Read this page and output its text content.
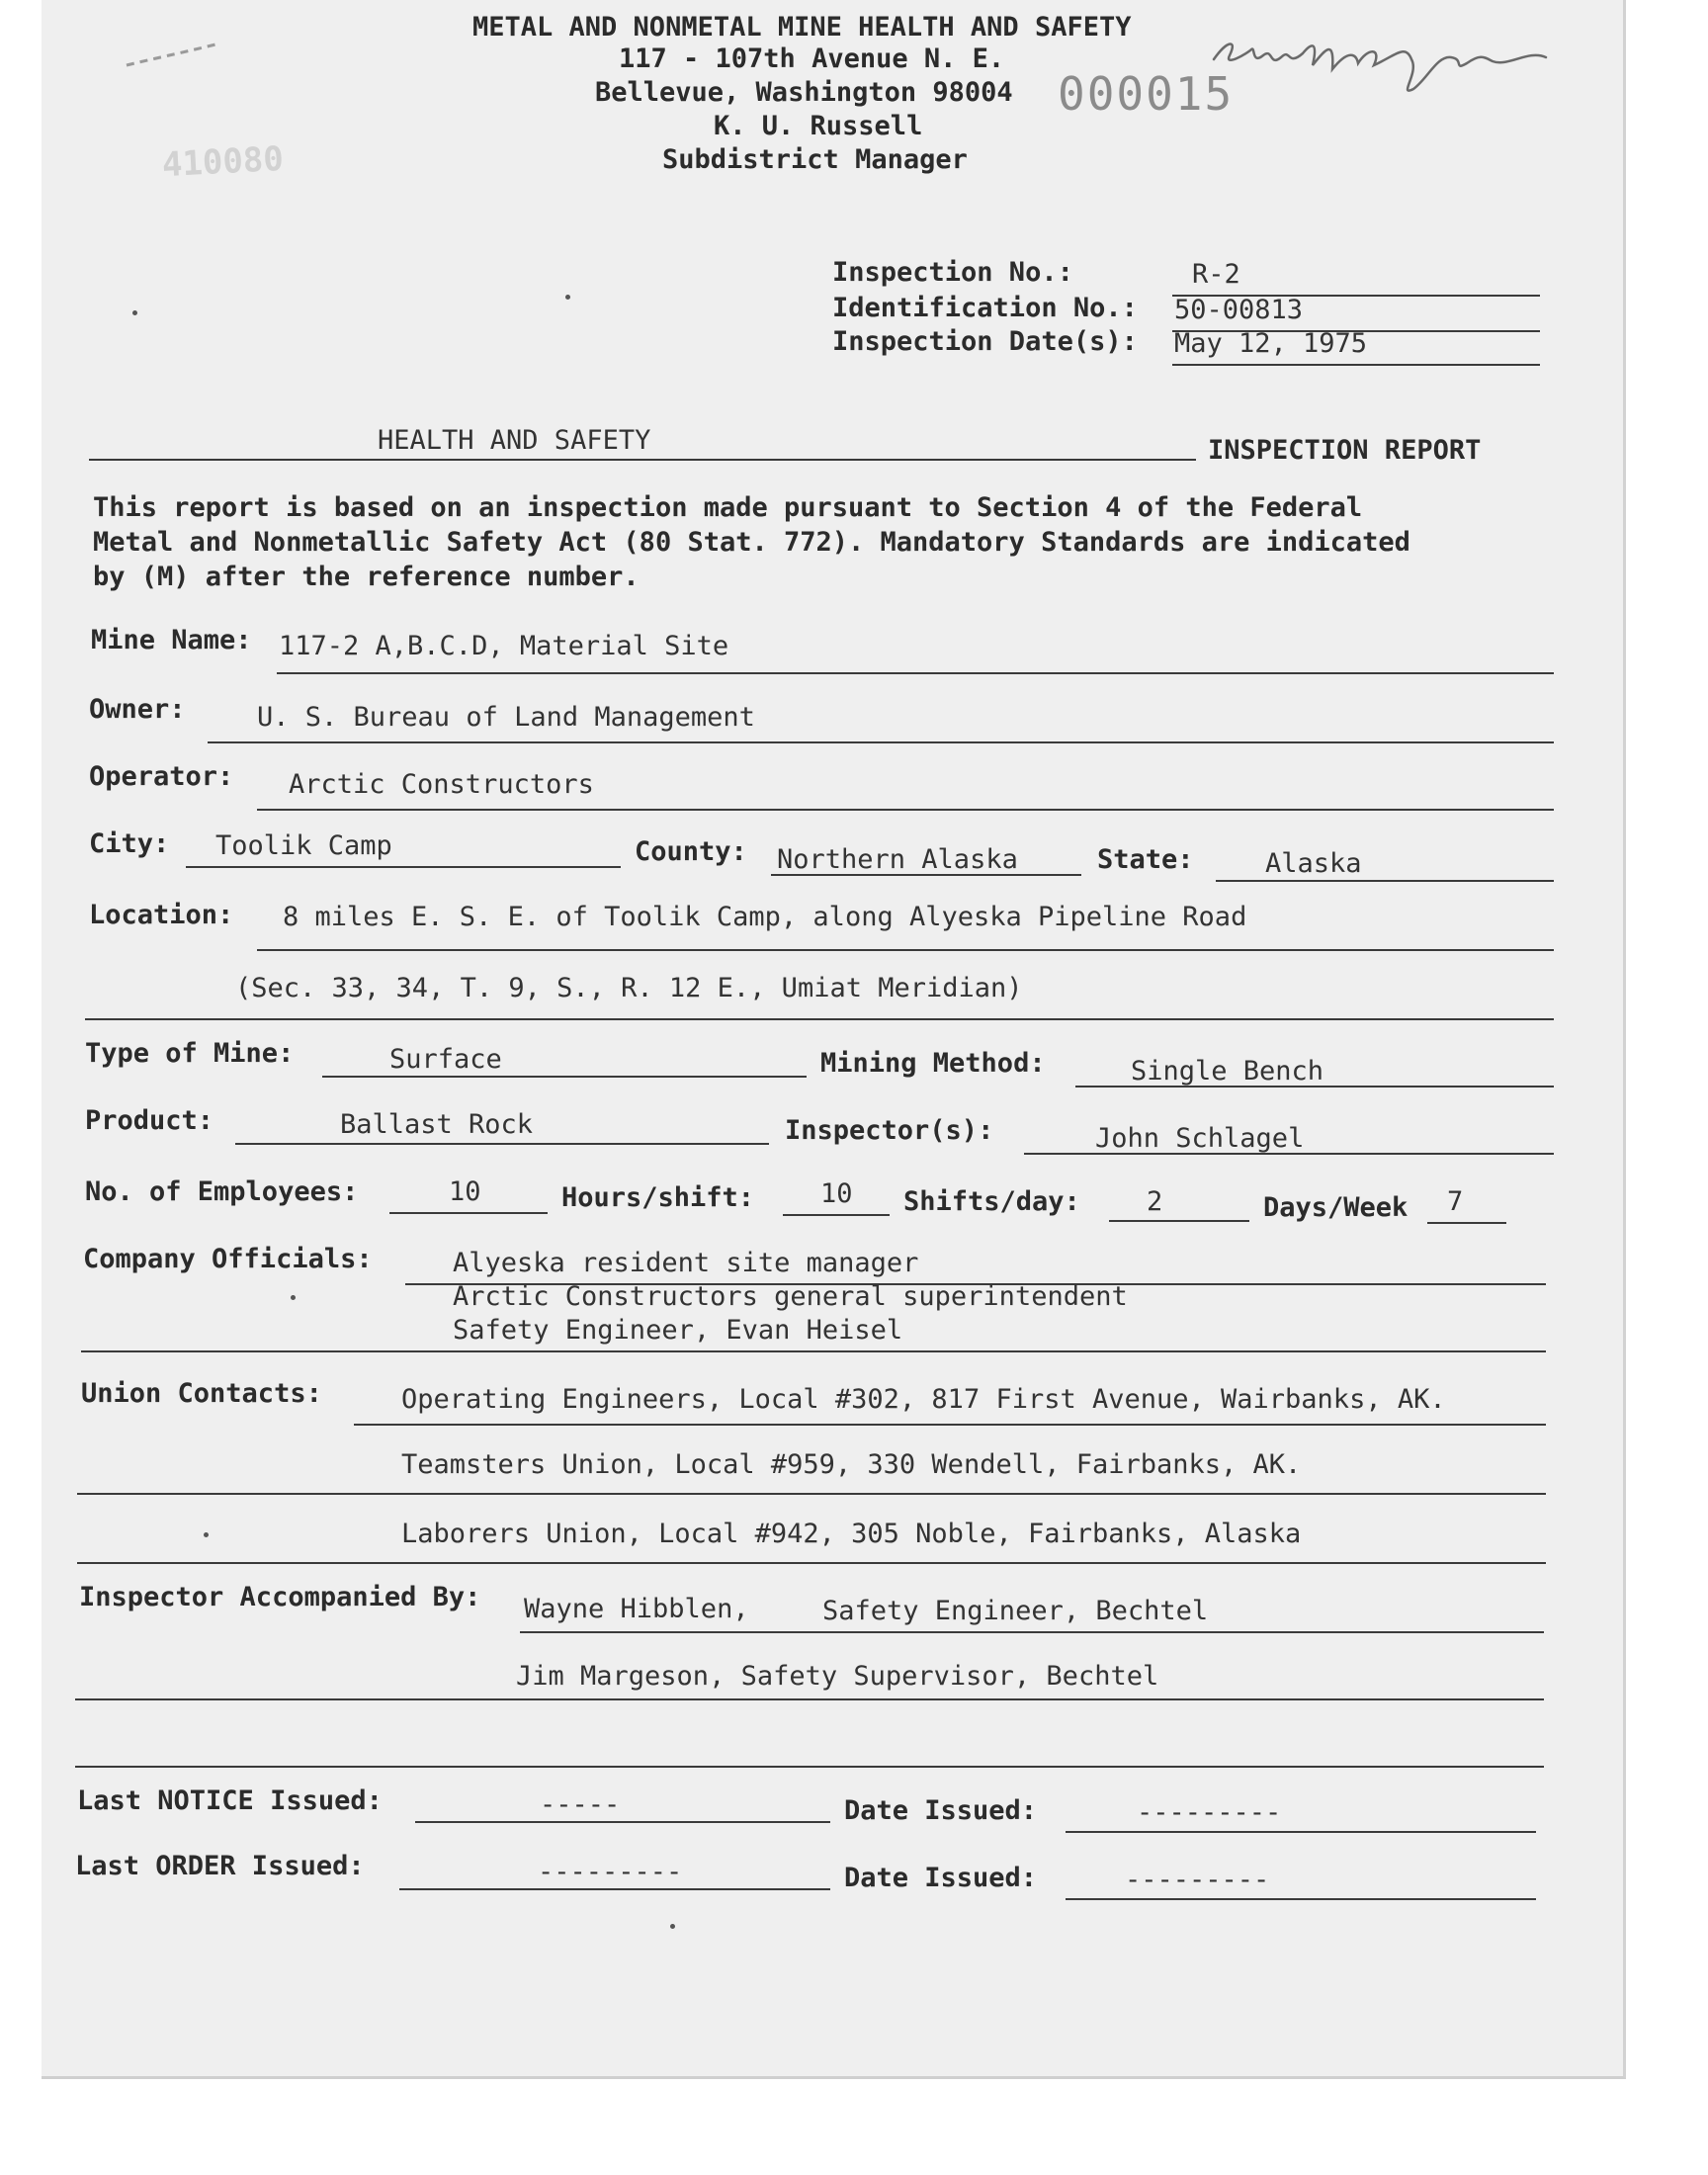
METAL AND NONMETAL MINE HEALTH AND SAFETY
117 - 107th Avenue N. E.
Bellevue, Washington 98004
K. U. Russell
Subdistrict Manager
000015
410080
Inspection No.:	R-2
Identification No.: 50-00813
Inspection Date(s): May 12, 1975
HEALTH AND SAFETY	INSPECTION REPORT
This report is based on an inspection made pursuant to Section 4 of the Federal
Metal and Nonmetallic Safety Act (80 Stat. 772). Mandatory Standards are indicated
by (M) after the reference number.
Mine Name: 117-2 A,B.C.D, Material Site
Owner:	U. S. Bureau of Land Management
Operator: Arctic Constructors
City: Toolik Camp	County: Northern Alaska	State:	Alaska
Location: 8 miles E. S. E. of Toolik Camp, along Alyeska Pipeline Road
(Sec. 33, 34, T. 9, S., R. 12 E., Umiat Meridian)
Type of Mine:	Surface	Mining Method:	Single Bench
Product:	Ballast Rock	Inspector(s):	John Schlagel
No. of Employees:	10	Hours/shift: 10 Shifts/day: 2	Days/Week 7
Company Officials:	Alyeska resident site manager
Arctic Constructors general superintendent
Safety Engineer, Evan Heisel
Union Contacts:	Operating Engineers, Local #302, 817 First Avenue, Wairbanks, AK.
Teamsters Union, Local #959, 330 Wendell, Fairbanks, AK.
Laborers Union, Local #942, 305 Noble, Fairbanks, Alaska
Inspector Accompanied By: Wayne Hibblen,	Safety Engineer, Bechtel
Jim Margeson, Safety Supervisor, Bechtel
Last NOTICE Issued:	-----	Date Issued:	---------
Last ORDER Issued:	---------	Date Issued:	---------
